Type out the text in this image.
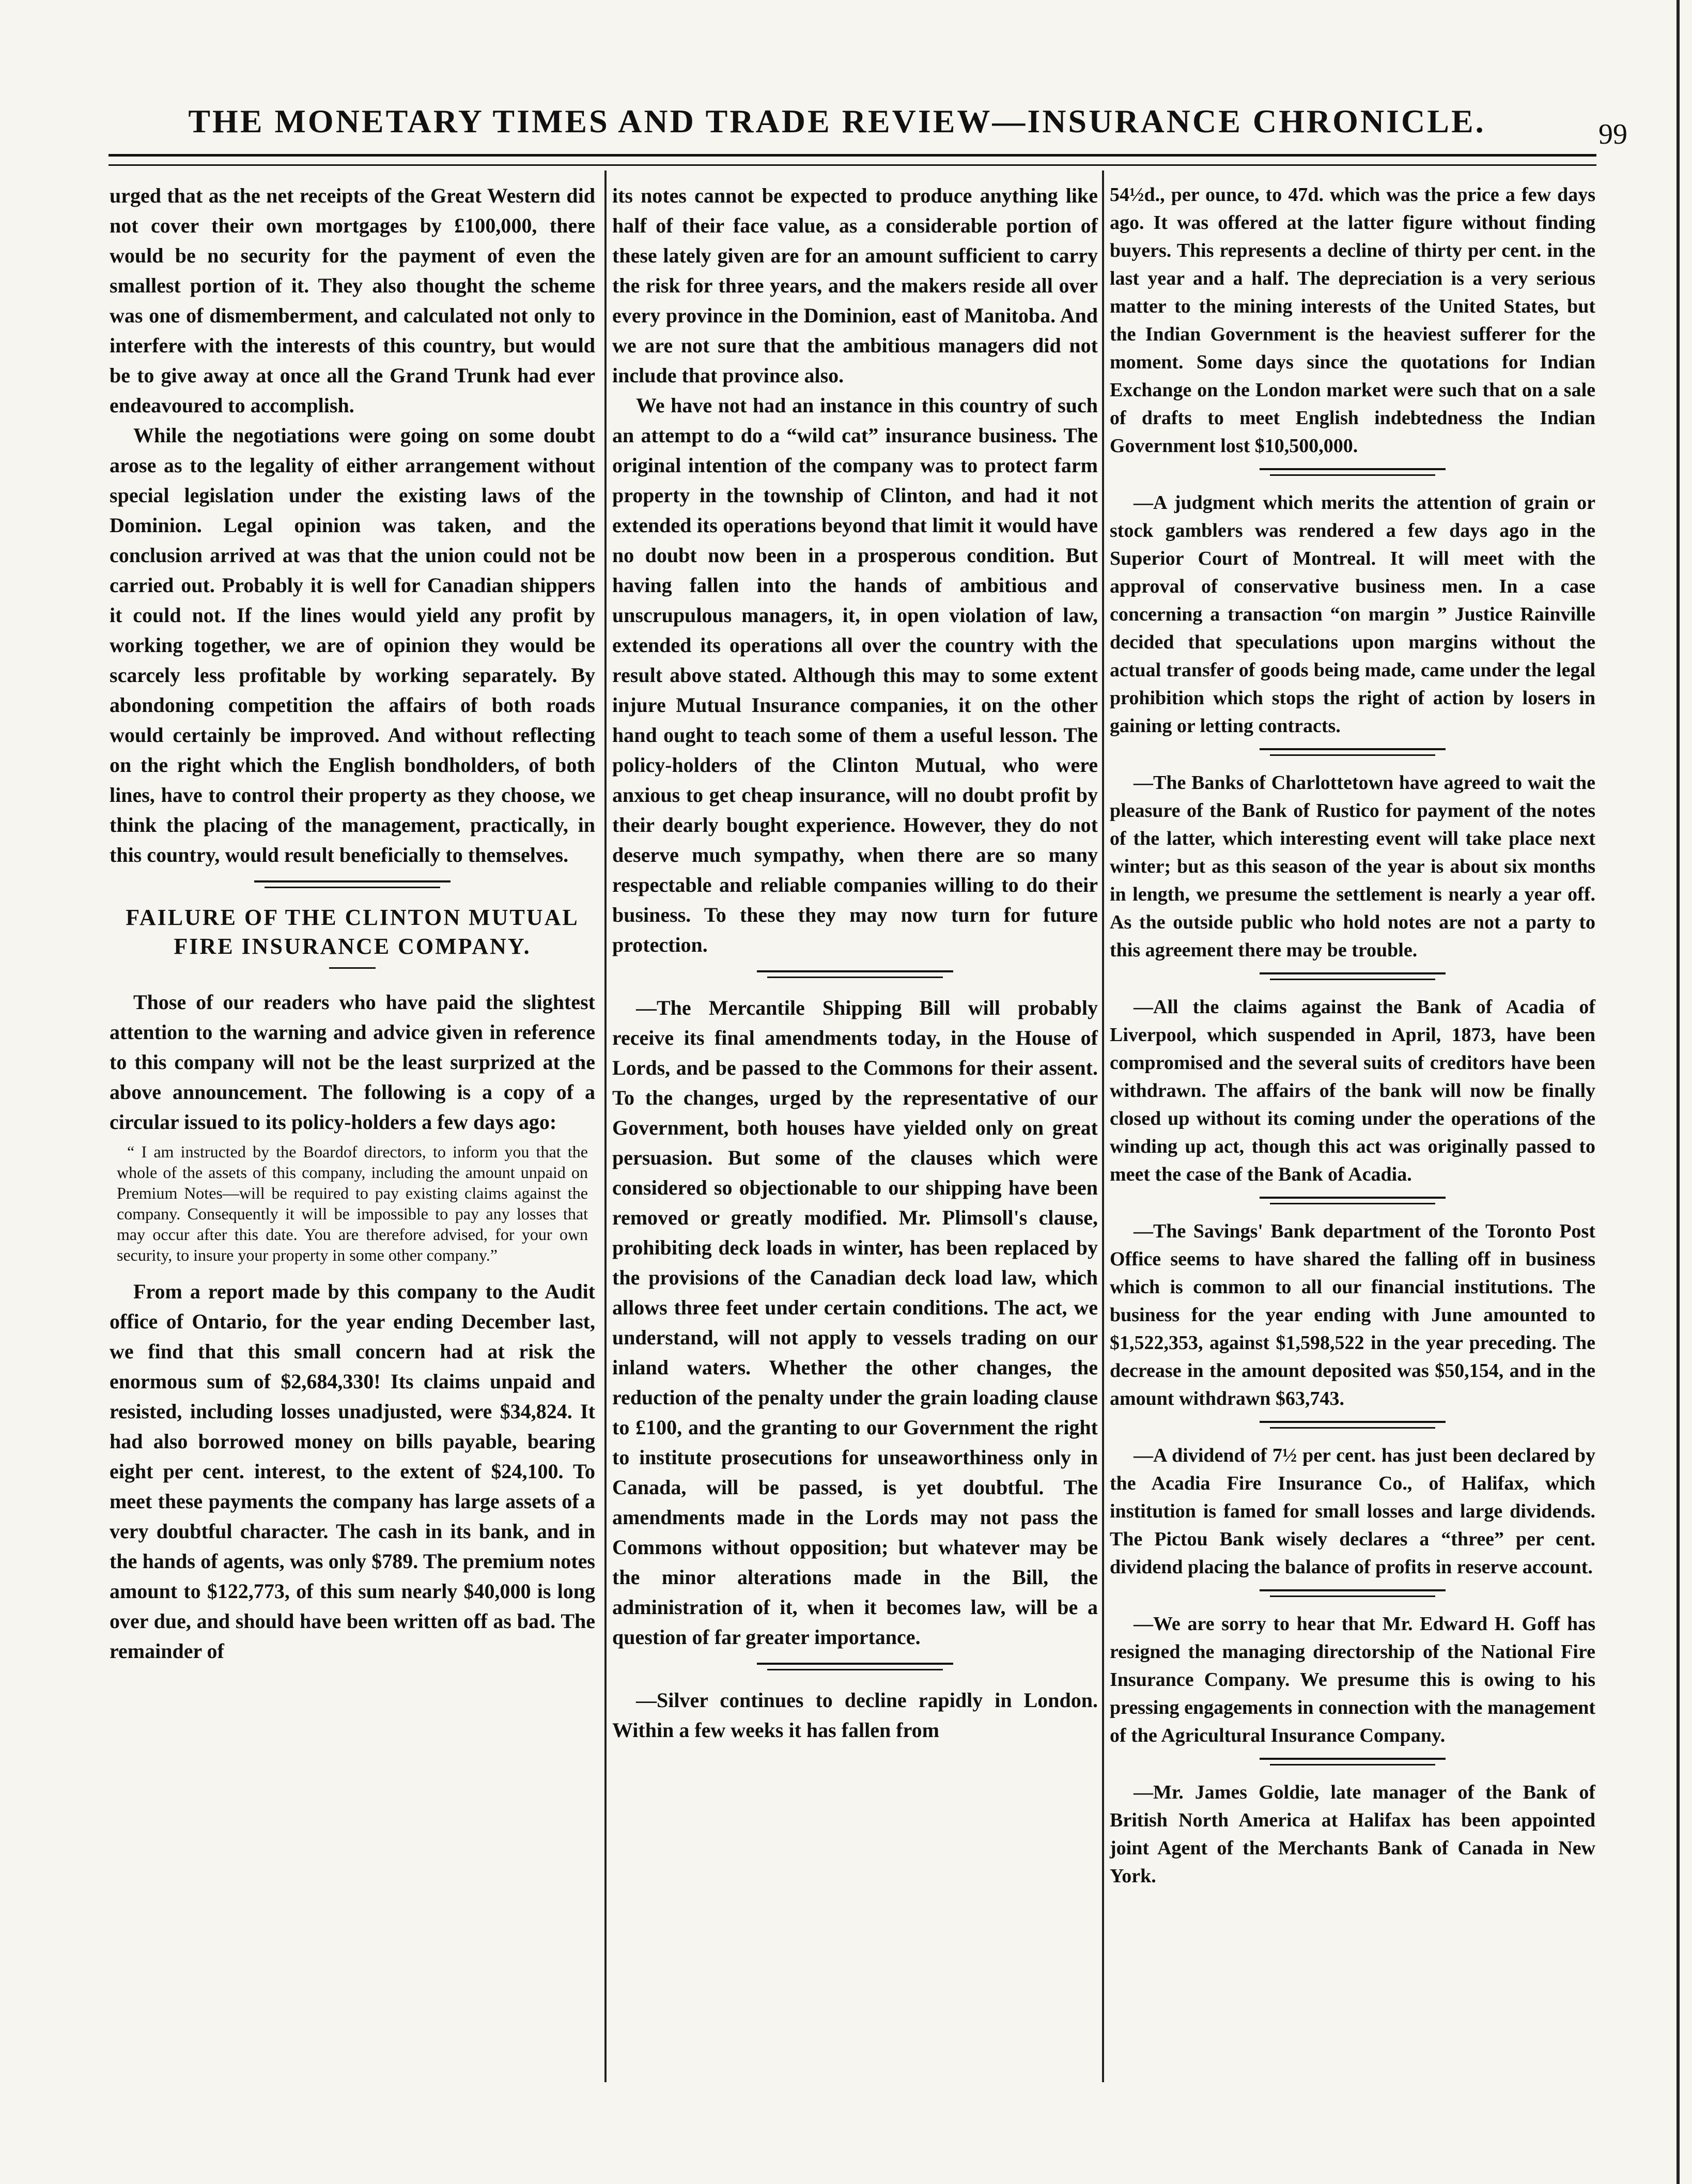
THE MONETARY TIMES AND TRADE REVIEW—INSURANCE CHRONICLE.	99

urged that as the net receipts of the Great Western did not cover their own mortgages by £100,000, there would be no security for the payment of even the smallest portion of it. They also thought the scheme was one of dismemberment, and calculated not only to interfere with the interests of this country, but would be to give away at once all the Grand Trunk had ever endeavoured to accomplish.

While the negotiations were going on some doubt arose as to the legality of either arrangement without special legislation under the existing laws of the Dominion. Legal opinion was taken, and the conclusion arrived at was that the union could not be carried out. Probably it is well for Canadian shippers it could not. If the lines would yield any profit by working together, we are of opinion they would be scarcely less profitable by working separately. By abondoning competition the affairs of both roads would certainly be improved. And without reflecting on the right which the English bondholders, of both lines, have to control their property as they choose, we think the placing of the management, practically, in this country, would result beneficially to themselves.

FAILURE OF THE CLINTON MUTUAL FIRE INSURANCE COMPANY.

Those of our readers who have paid the slightest attention to the warning and advice given in reference to this company will not be the least surprized at the above announcement. The following is a copy of a circular issued to its policy-holders a few days ago:

“ I am instructed by the Boardof directors, to inform you that the whole of the assets of this company, including the amount unpaid on Premium Notes—will be required to pay existing claims against the company. Consequently it will be impossible to pay any losses that may occur after this date. You are therefore advised, for your own security, to insure your property in some other company.”

From a report made by this company to the Audit office of Ontario, for the year ending December last, we find that this small concern had at risk the enormous sum of $2,684,330! Its claims unpaid and resisted, including losses unadjusted, were $34,824. It had also borrowed money on bills payable, bearing eight per cent. interest, to the extent of $24,100. To meet these payments the company has large assets of a very doubtful character. The cash in its bank, and in the hands of agents, was only $789. The premium notes amount to $122,773, of this sum nearly $40,000 is long over due, and should have been written off as bad. The remainder of

its notes cannot be expected to produce anything like half of their face value, as a considerable portion of these lately given are for an amount sufficient to carry the risk for three years, and the makers reside all over every province in the Dominion, east of Manitoba. And we are not sure that the ambitious managers did not include that province also.

We have not had an instance in this country of such an attempt to do a “wild cat” insurance business. The original intention of the company was to protect farm property in the township of Clinton, and had it not extended its operations beyond that limit it would have no doubt now been in a prosperous condition. But having fallen into the hands of ambitious and unscrupulous managers, it, in open violation of law, extended its operations all over the country with the result above stated. Although this may to some extent injure Mutual Insurance companies, it on the other hand ought to teach some of them a useful lesson. The policy-holders of the Clinton Mutual, who were anxious to get cheap insurance, will no doubt profit by their dearly bought experience. However, they do not deserve much sympathy, when there are so many respectable and reliable companies willing to do their business. To these they may now turn for future protection.

—The Mercantile Shipping Bill will probably receive its final amendments today, in the House of Lords, and be passed to the Commons for their assent. To the changes, urged by the representative of our Government, both houses have yielded only on great persuasion. But some of the clauses which were considered so objectionable to our shipping have been removed or greatly modified. Mr. Plimsoll's clause, prohibiting deck loads in winter, has been replaced by the provisions of the Canadian deck load law, which allows three feet under certain conditions. The act, we understand, will not apply to vessels trading on our inland waters. Whether the other changes, the reduction of the penalty under the grain loading clause to £100, and the granting to our Government the right to institute prosecutions for unseaworthiness only in Canada, will be passed, is yet doubtful. The amendments made in the Lords may not pass the Commons without opposition; but whatever may be the minor alterations made in the Bill, the administration of it, when it becomes law, will be a question of far greater importance.

—Silver continues to decline rapidly in London. Within a few weeks it has fallen from

54½d., per ounce, to 47d. which was the price a few days ago. It was offered at the latter figure without finding buyers. This represents a decline of thirty per cent. in the last year and a half. The depreciation is a very serious matter to the mining interests of the United States, but the Indian Government is the heaviest sufferer for the moment. Some days since the quotations for Indian Exchange on the London market were such that on a sale of drafts to meet English indebtedness the Indian Government lost $10,500,000.

—A judgment which merits the attention of grain or stock gamblers was rendered a few days ago in the Superior Court of Montreal. It will meet with the approval of conservative business men. In a case concerning a transaction “on margin ” Justice Rainville decided that speculations upon margins without the actual transfer of goods being made, came under the legal prohibition which stops the right of action by losers in gaining or letting contracts.

—The Banks of Charlottetown have agreed to wait the pleasure of the Bank of Rustico for payment of the notes of the latter, which interesting event will take place next winter; but as this season of the year is about six months in length, we presume the settlement is nearly a year off. As the outside public who hold notes are not a party to this agreement there may be trouble.

—All the claims against the Bank of Acadia of Liverpool, which suspended in April, 1873, have been compromised and the several suits of creditors have been withdrawn. The affairs of the bank will now be finally closed up without its coming under the operations of the winding up act, though this act was originally passed to meet the case of the Bank of Acadia.

—The Savings' Bank department of the Toronto Post Office seems to have shared the falling off in business which is common to all our financial institutions. The business for the year ending with June amounted to $1,522,353, against $1,598,522 in the year preceding. The decrease in the amount deposited was $50,154, and in the amount withdrawn $63,743.

—A dividend of 7½ per cent. has just been declared by the Acadia Fire Insurance Co., of Halifax, which institution is famed for small losses and large dividends. The Pictou Bank wisely declares a “three” per cent. dividend placing the balance of profits in reserve account.

—We are sorry to hear that Mr. Edward H. Goff has resigned the managing directorship of the National Fire Insurance Company. We presume this is owing to his pressing engagements in connection with the management of the Agricultural Insurance Company.

—Mr. James Goldie, late manager of the Bank of British North America at Halifax has been appointed joint Agent of the Merchants Bank of Canada in New York.
